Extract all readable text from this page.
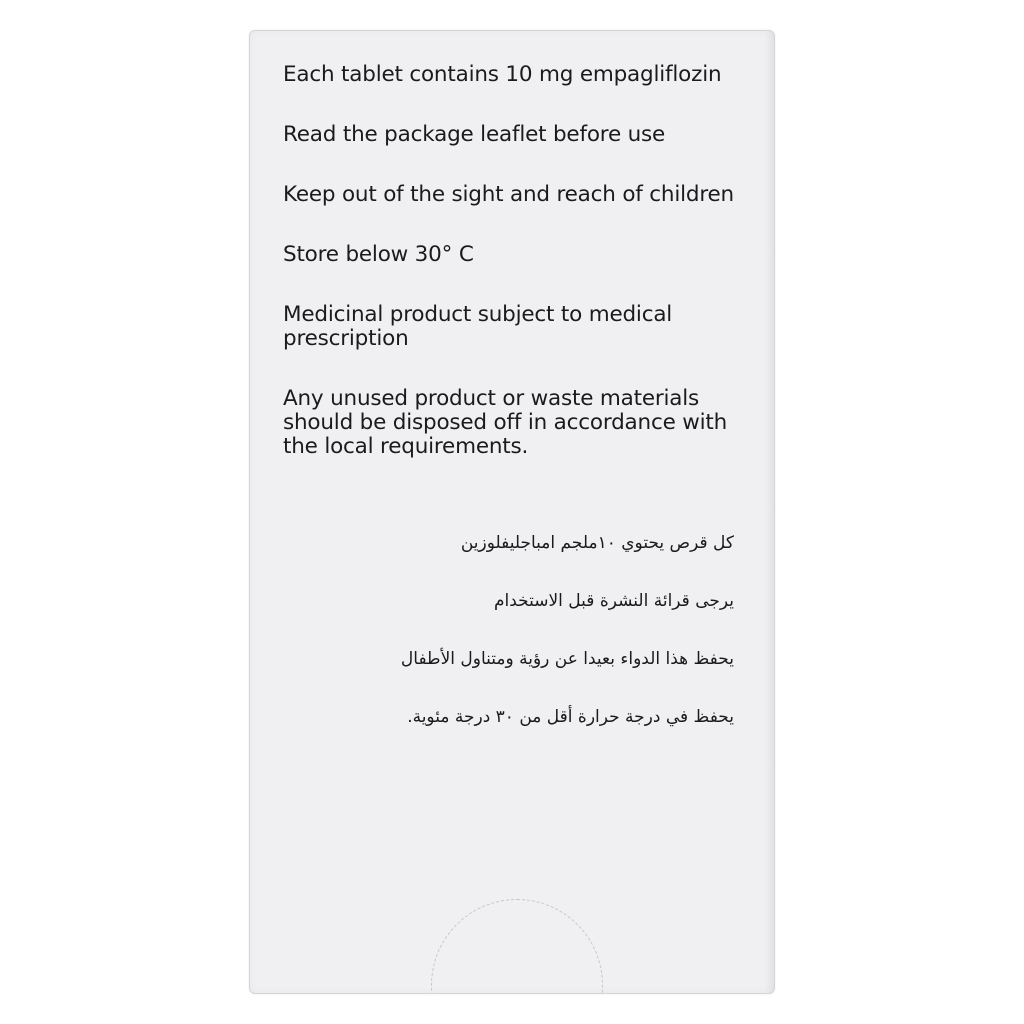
Each tablet contains 10 mg empagliflozin
Read the package leaflet before use
Keep out of the sight and reach of children
Store below 30° C
Medicinal product subject to medical
prescription
Any unused product or waste materials
should be disposed off in accordance with
the local requirements.
كل قرص يحتوي ١٠ملجم امباجليفلوزين
يرجى قرائة النشرة قبل الاستخدام
يحفظ هذا الدواء بعيدا عن رؤية ومتناول الأطفال
يحفظ في درجة حرارة أقل من ٣٠ درجة مئوية.
